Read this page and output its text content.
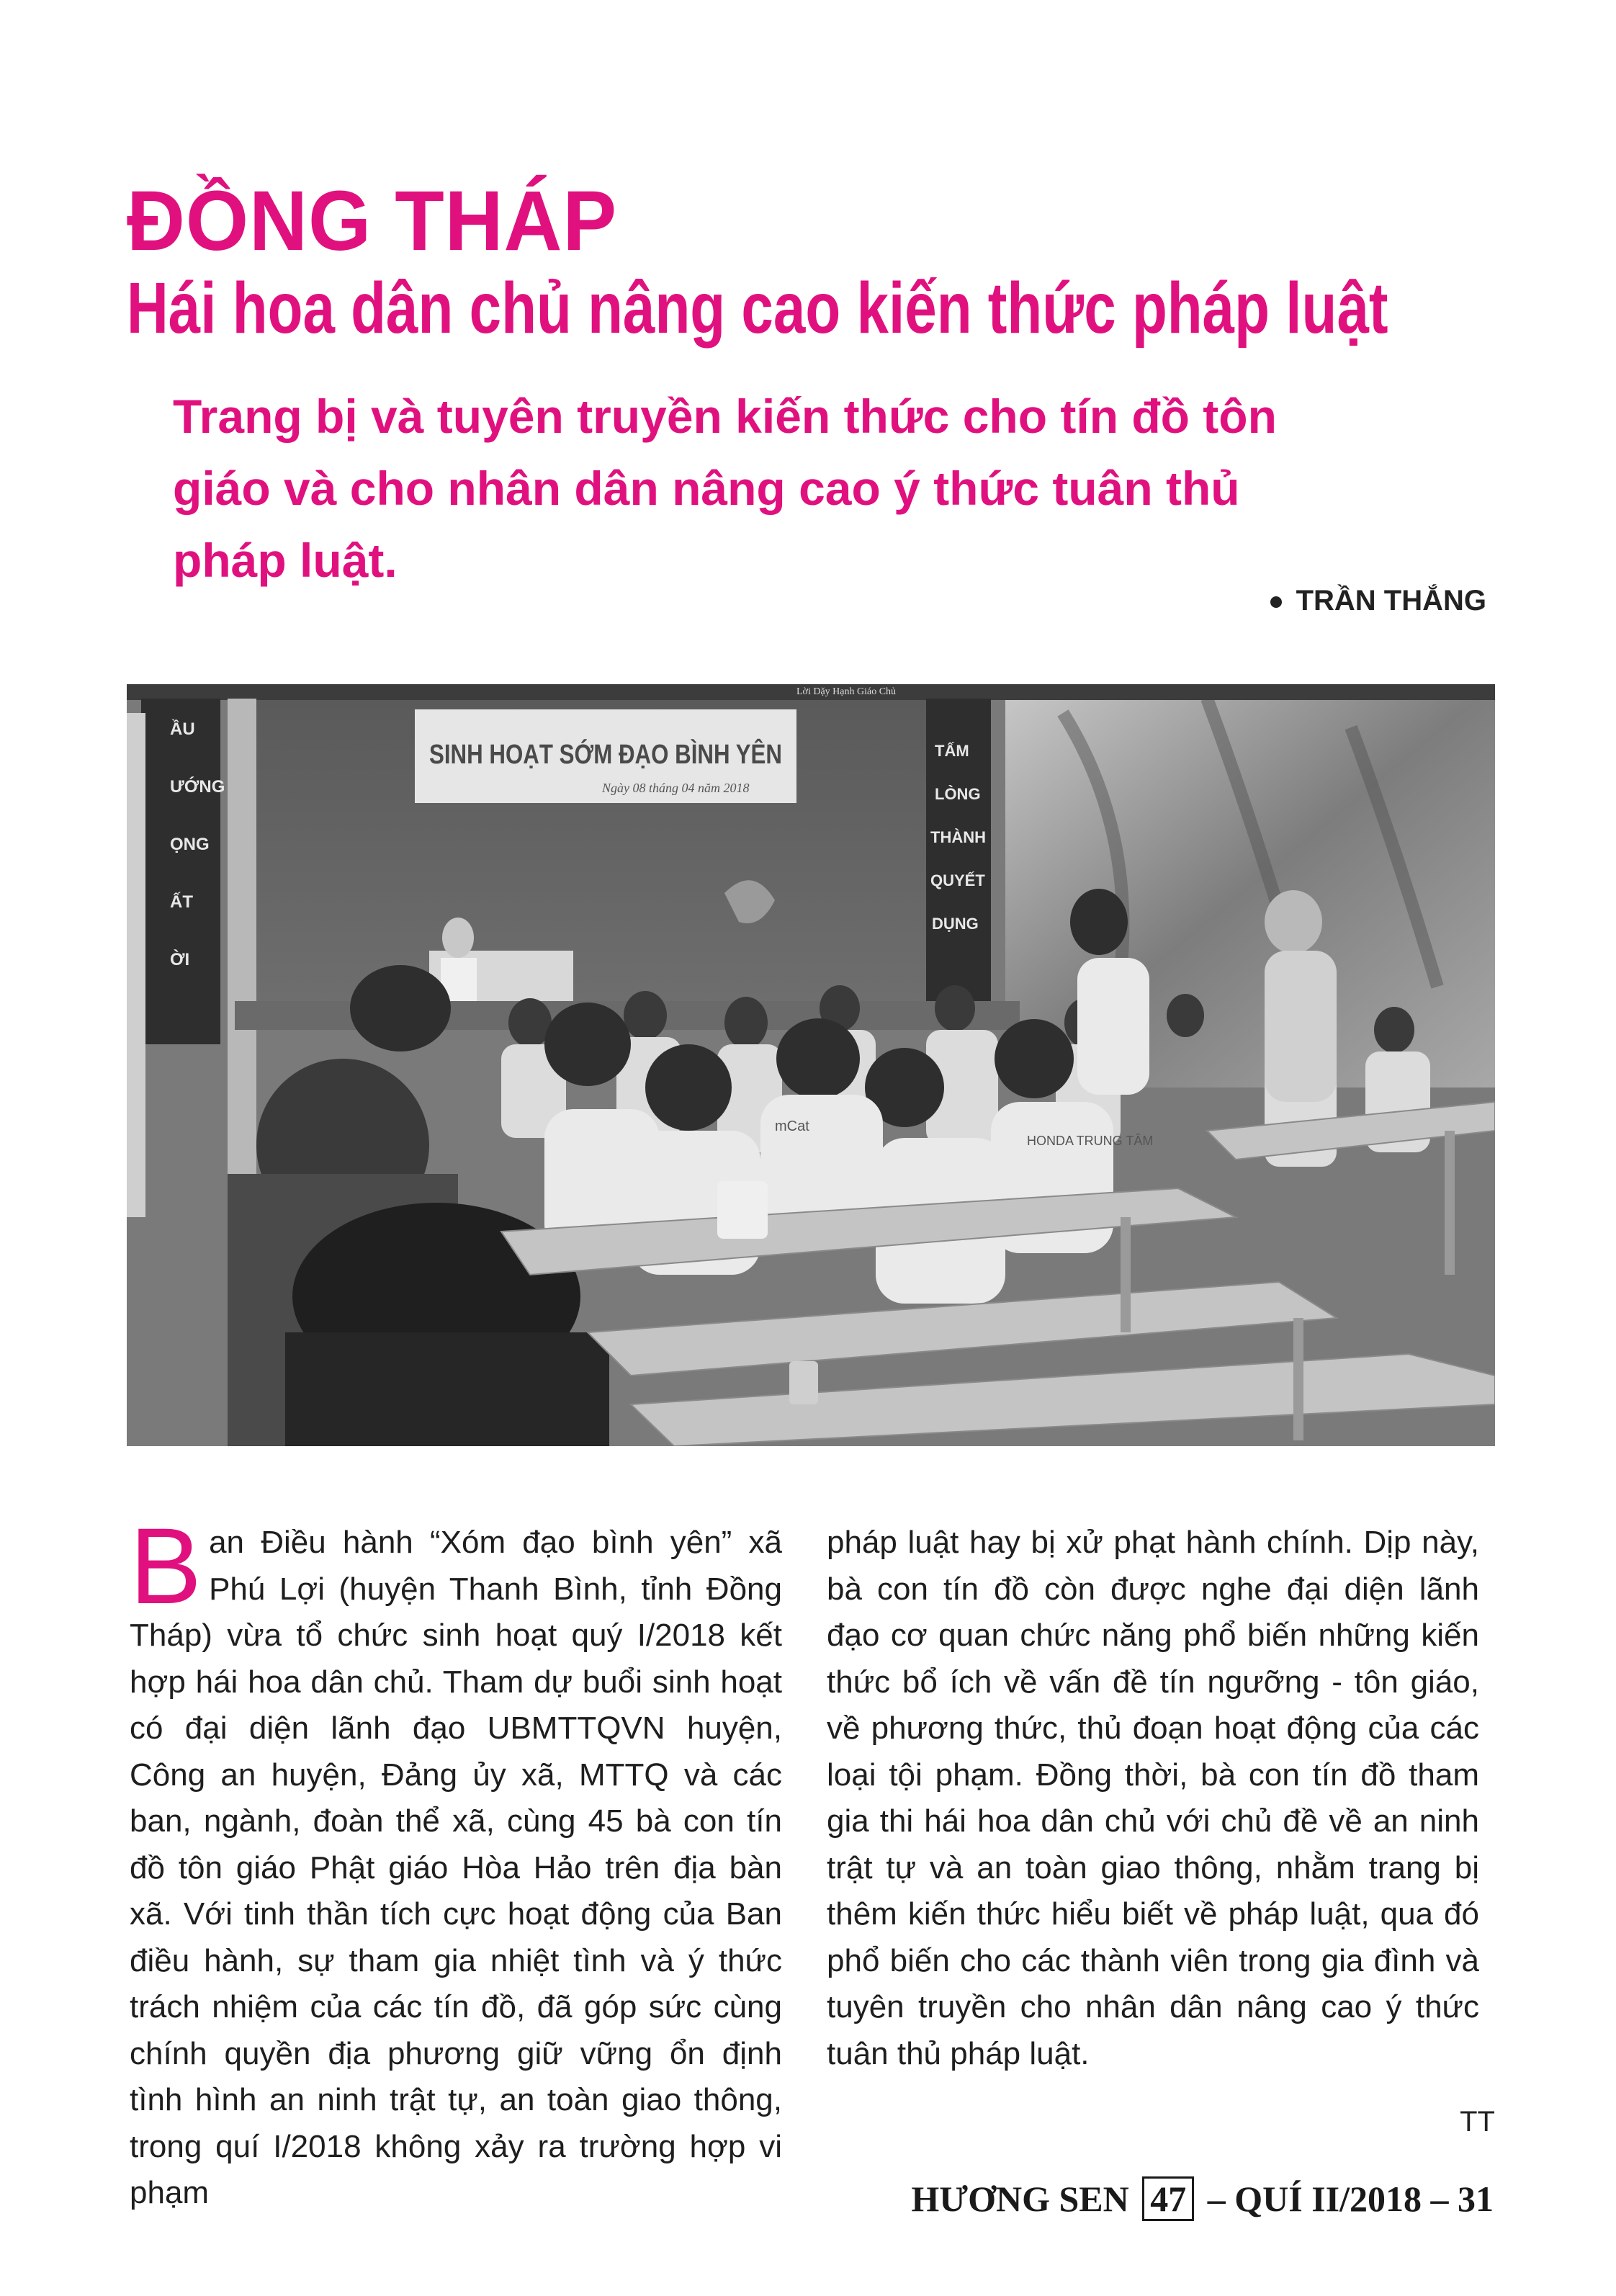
ĐỒNG THÁP
Hái hoa dân chủ nâng cao kiến thức pháp luật
Trang bị và tuyên truyền kiến thức cho tín đồ tôn
giáo và cho nhân dân nâng cao ý thức tuân thủ
pháp luật.
TRẦN THẮNG
ẦU
ƯỚNG
ỌNG
ẤT
ỜI
TẤM
LÒNG
THÀNH
QUYẾT
DỤNG
Lời Dặy Hạnh Giáo Chủ
SINH HOẠT SỚM ĐẠO BÌNH YÊN
Ngày 08 tháng 04 năm 2018
HONDA TRUNG TÂM
mCat

Ban Điều hành “Xóm đạo bình yên” xã Phú Lợi (huyện Thanh Bình, tỉnh Đồng Tháp) vừa tổ chức sinh hoạt quý I/2018 kết hợp hái hoa dân chủ. Tham dự buổi sinh hoạt có đại diện lãnh đạo UBMTTQVN huyện, Công an huyện, Đảng ủy xã, MTTQ và các ban, ngành, đoàn thể xã, cùng 45 bà con tín đồ tôn giáo Phật giáo Hòa Hảo trên địa bàn xã. Với tinh thần tích cực hoạt động của Ban điều hành, sự tham gia nhiệt tình và ý thức trách nhiệm của các tín đồ, đã góp sức cùng chính quyền địa phương giữ vững ổn định tình hình an ninh trật tự, an toàn giao thông, trong quí I/2018 không xảy ra trường hợp vi phạm

pháp luật hay bị xử phạt hành chính. Dịp này, bà con tín đồ còn được nghe đại diện lãnh đạo cơ quan chức năng phổ biến những kiến thức bổ ích về vấn đề tín ngưỡng - tôn giáo, về phương thức, thủ đoạn hoạt động của các loại tội phạm. Đồng thời, bà con tín đồ tham gia thi hái hoa dân chủ với chủ đề về an ninh trật tự và an toàn giao thông, nhằm trang bị thêm kiến thức hiểu biết về pháp luật, qua đó phổ biến cho các thành viên trong gia đình và tuyên truyền cho nhân dân nâng cao ý thức tuân thủ pháp luật.

TT
HƯƠNG SEN 47 – QUÍ II/2018 – 31
